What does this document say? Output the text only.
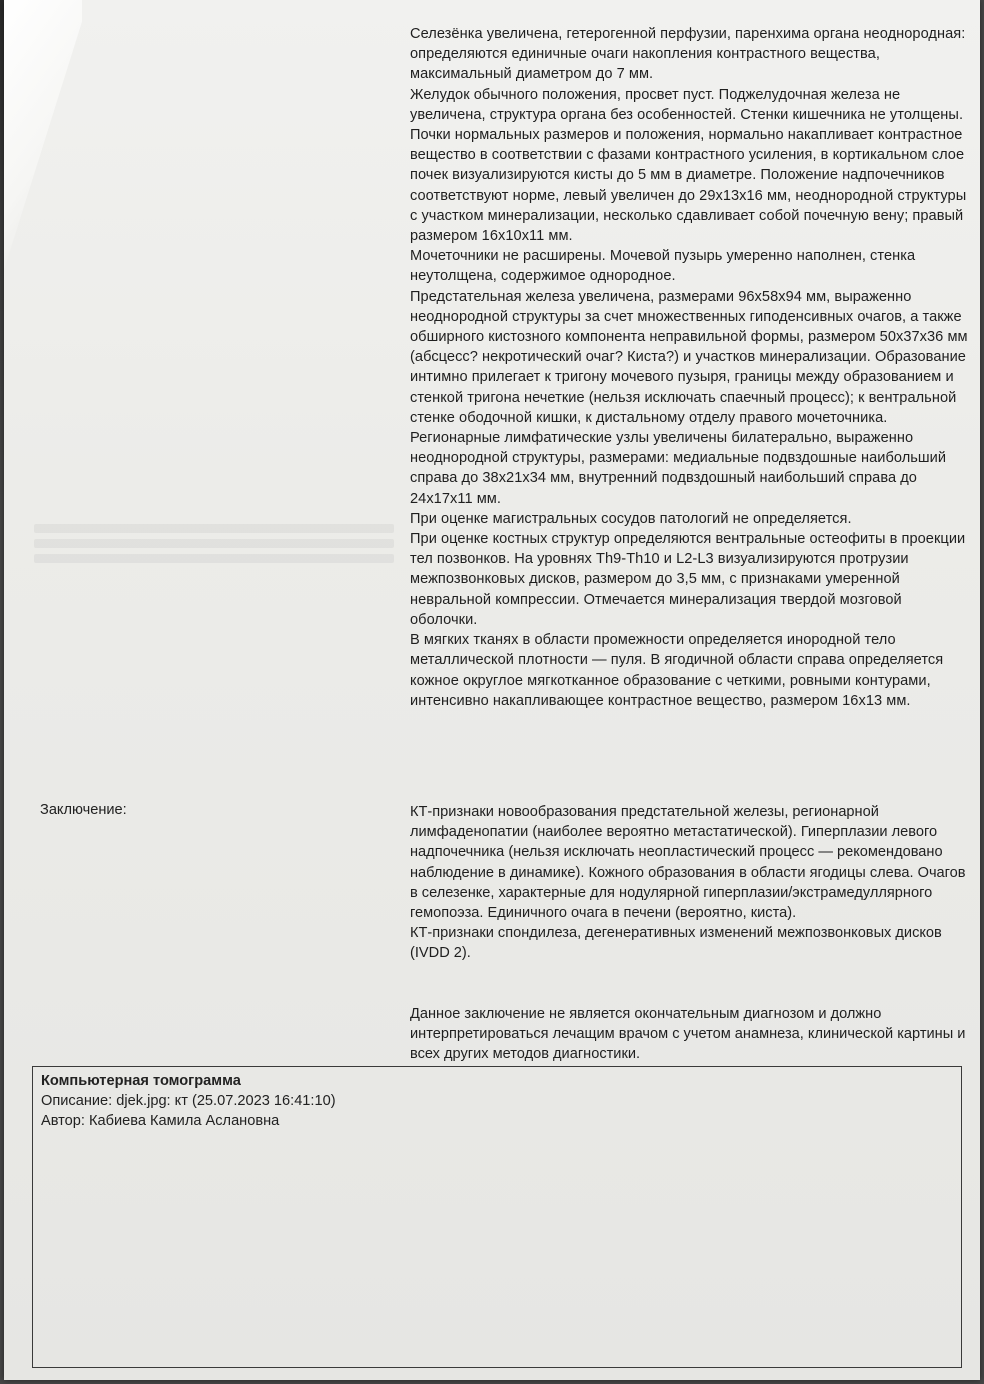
Селезёнка увеличена, гетерогенной перфузии, паренхима органа неоднородная: определяются единичные очаги накопления контрастного вещества, максимальный диаметром до 7 мм.

Желудок обычного положения, просвет пуст. Поджелудочная железа не увеличена, структура органа без особенностей. Стенки кишечника не утолщены.

Почки нормальных размеров и положения, нормально накапливает контрастное вещество в соответствии с фазами контрастного усиления, в кортикальном слое почек визуализируются кисты до 5 мм в диаметре. Положение надпочечников соответствуют норме, левый увеличен до 29x13x16 мм, неоднородной структуры с участком минерализации, несколько сдавливает собой почечную вену; правый размером 16x10x11 мм.

Мочеточники не расширены. Мочевой пузырь умеренно наполнен, стенка неутолщена, содержимое однородное.

Предстательная железа увеличена, размерами 96x58x94 мм, выраженно неоднородной структуры за счет множественных гиподенсивных очагов, а также обширного кистозного компонента неправильной формы, размером 50x37x36 мм (абсцесс? некротический очаг? Киста?) и участков минерализации. Образование интимно прилегает к тригону мочевого пузыря, границы между образованием и стенкой тригона нечеткие (нельзя исключать спаечный процесс); к вентральной стенке ободочной кишки, к дистальному отделу правого мочеточника. Регионарные лимфатические узлы увеличены билатерально, выраженно неоднородной структуры, размерами: медиальные подвздошные наибольший справа до 38x21x34 мм, внутренний подвздошный наибольший справа до 24x17x11 мм.

При оценке магистральных сосудов патологий не определяется.

При оценке костных структур определяются вентральные остеофиты в проекции тел позвонков. На уровнях Th9-Th10 и L2-L3 визуализируются протрузии межпозвонковых дисков, размером до 3,5 мм, с признаками умеренной невральной компрессии. Отмечается минерализация твердой мозговой оболочки.

В мягких тканях в области промежности определяется инородной тело металлической плотности — пуля. В ягодичной области справа определяется кожное округлое мягкотканное образование с четкими, ровными контурами, интенсивно накапливающее контрастное вещество, размером 16x13 мм.

Заключение:	КТ-признаки новообразования предстательной железы, регионарной лимфаденопатии (наиболее вероятно метастатической). Гиперплазии левого надпочечника (нельзя исключать неопластический процесс — рекомендовано наблюдение в динамике). Кожного образования в области ягодицы слева. Очагов в селезенке, характерные для нодулярной гиперплазии/экстрамедуллярного гемопоэза. Единичного очага в печени (вероятно, киста).

КТ-признаки спондилеза, дегенеративных изменений межпозвонковых дисков (IVDD 2).

Данное заключение не является окончательным диагнозом и должно интерпретироваться лечащим врачом с учетом анамнеза, клинической картины и всех других методов диагностики.
Компьютерная томограмма
Описание: djek.jpg: кт (25.07.2023 16:41:10)
Автор: Кабиева Камила Аслановна
